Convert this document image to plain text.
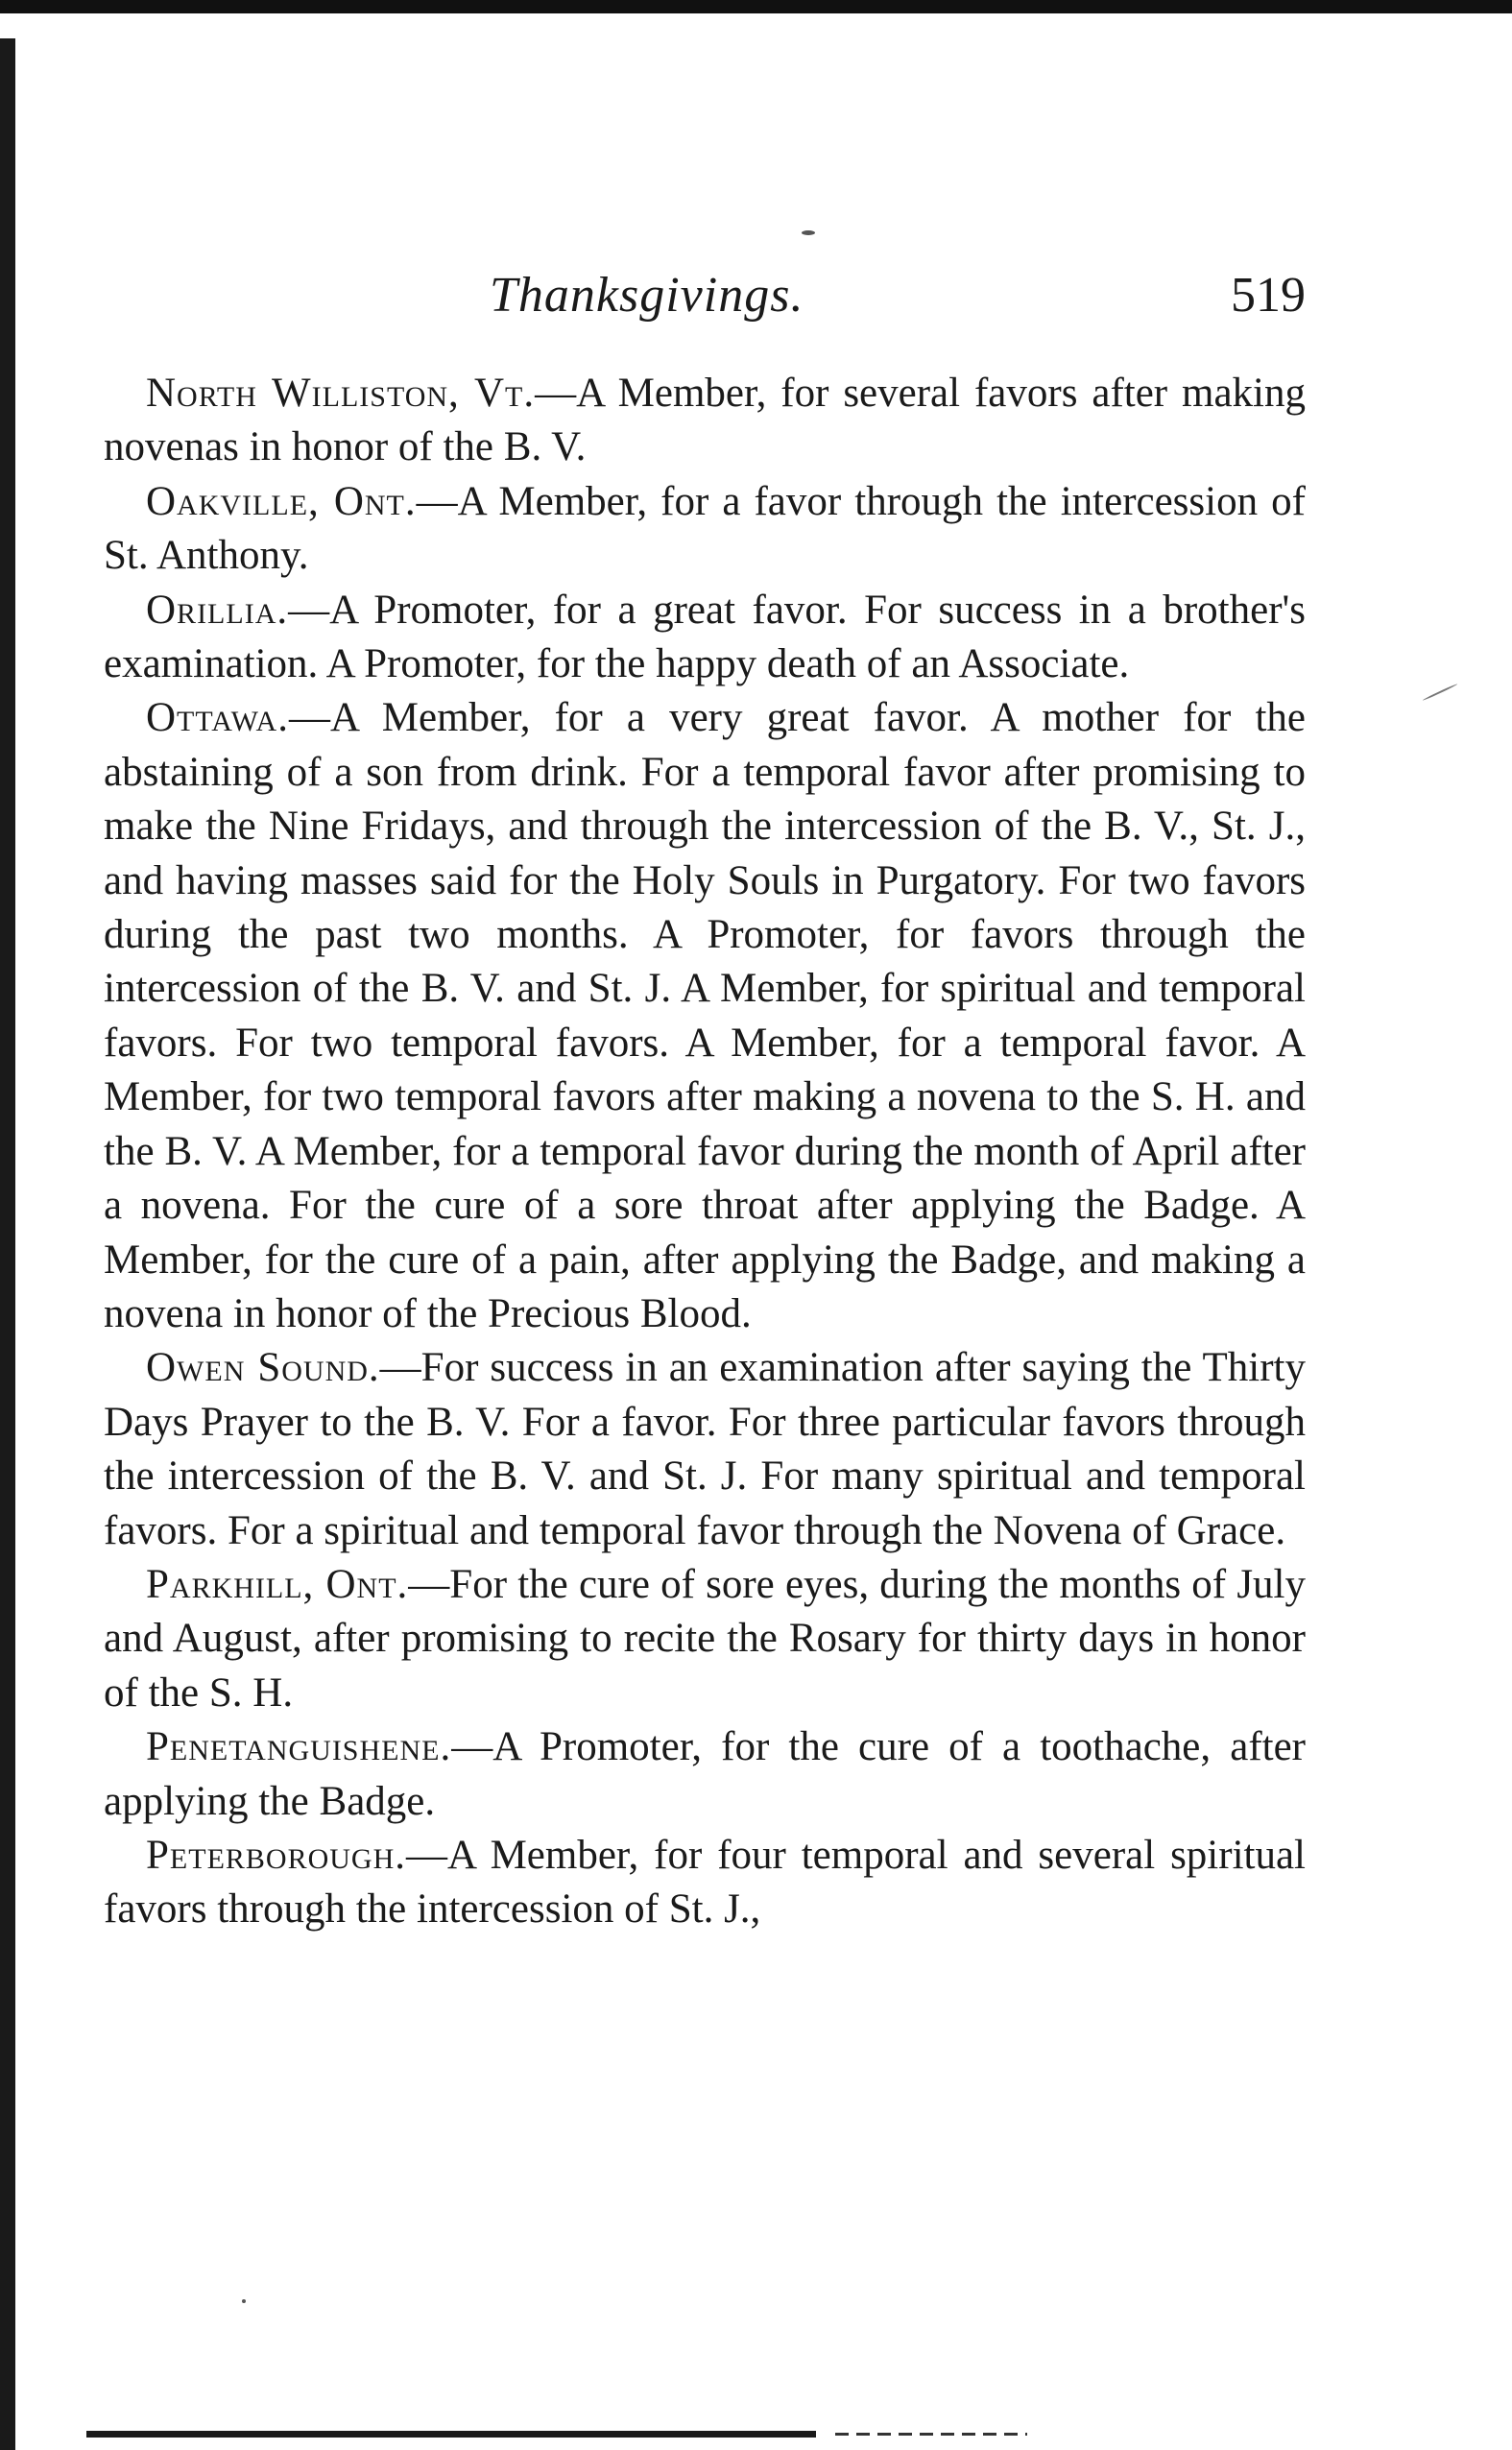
Thanksgivings.	519

North Williston, Vt.—A Member, for several favors after making novenas in honor of the B. V.

Oakville, Ont.—A Member, for a favor through the intercession of St. Anthony.

Orillia.—A Promoter, for a great favor. For success in a brother's examination. A Promoter, for the happy death of an Associate.

Ottawa.—A Member, for a very great favor. A mother for the abstaining of a son from drink. For a temporal favor after promising to make the Nine Fridays, and through the intercession of the B. V., St. J., and having masses said for the Holy Souls in Purgatory. For two favors during the past two months. A Promoter, for favors through the intercession of the B. V. and St. J. A Member, for spiritual and temporal favors. For two temporal favors. A Member, for a temporal favor. A Member, for two temporal favors after making a novena to the S. H. and the B. V. A Member, for a temporal favor during the month of April after a novena. For the cure of a sore throat after applying the Badge. A Member, for the cure of a pain, after applying the Badge, and making a novena in honor of the Precious Blood.

Owen Sound.—For success in an examination after saying the Thirty Days Prayer to the B. V. For a favor. For three particular favors through the intercession of the B. V. and St. J. For many spiritual and temporal favors. For a spiritual and temporal favor through the Novena of Grace.

Parkhill, Ont.—For the cure of sore eyes, during the months of July and August, after promising to recite the Rosary for thirty days in honor of the S. H.

Penetanguishene.—A Promoter, for the cure of a toothache, after applying the Badge.

Peterborough.—A Member, for four temporal and several spiritual favors through the intercession of St. J.,
